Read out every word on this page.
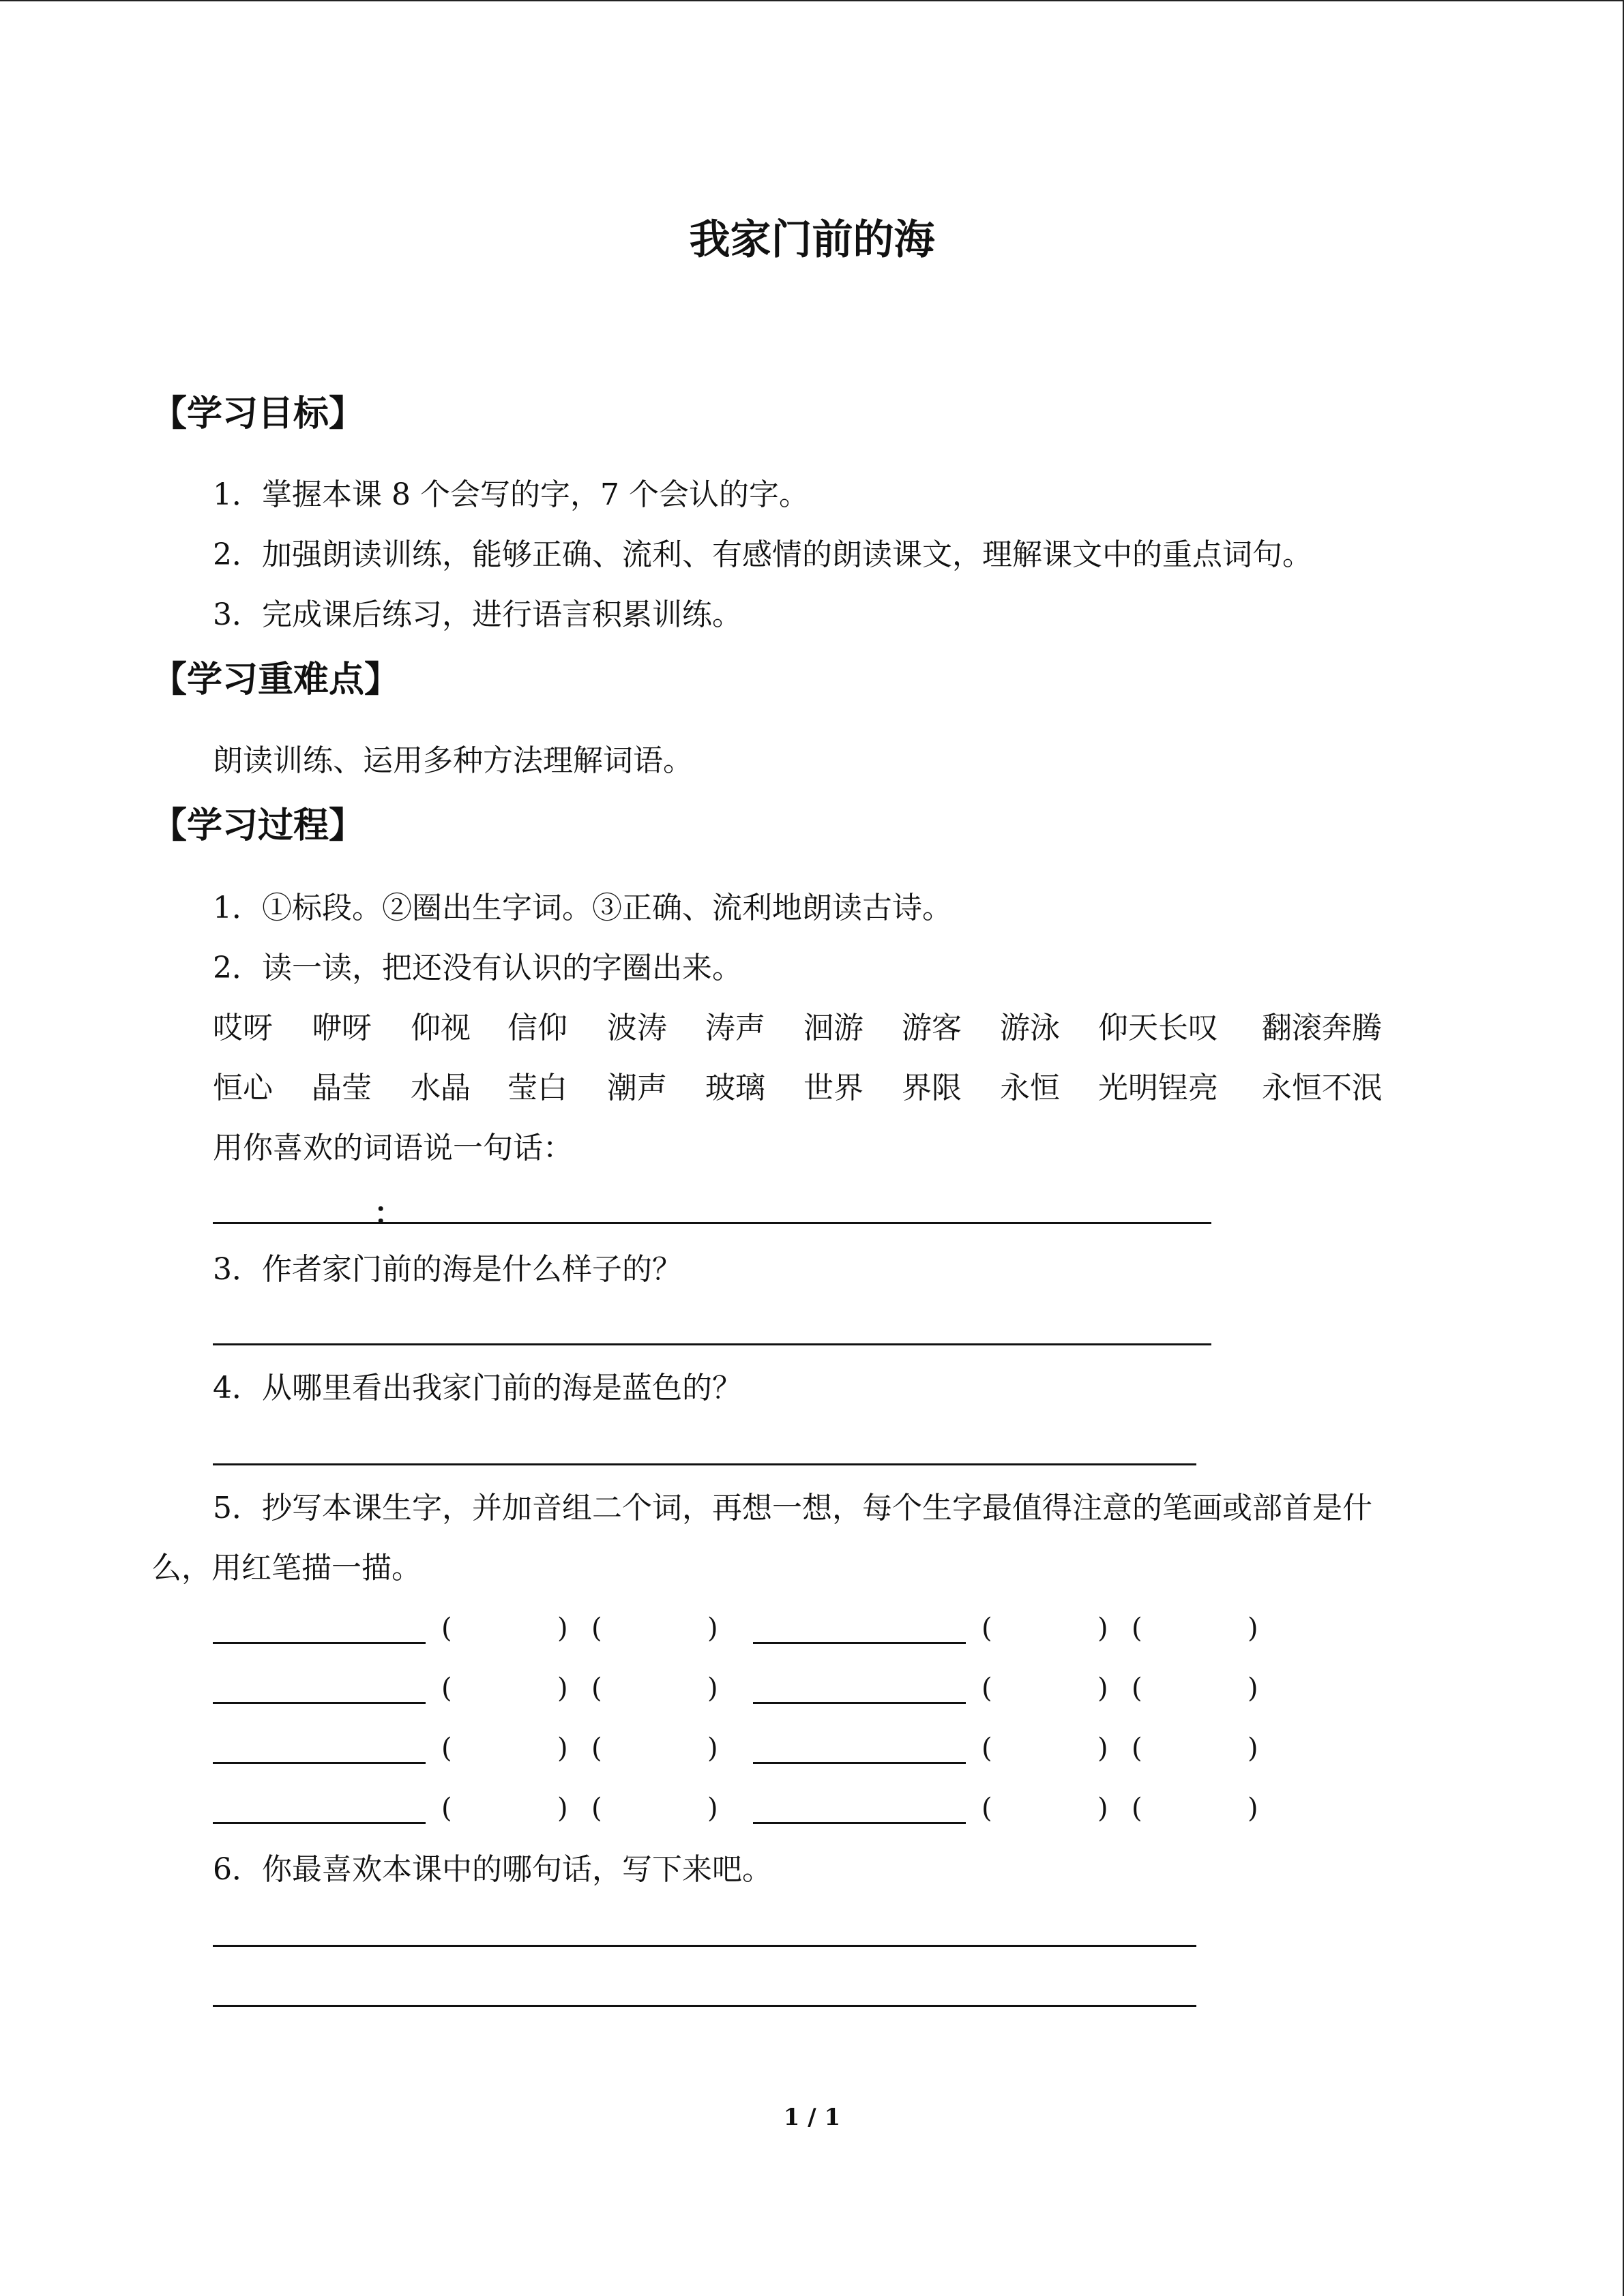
我家门前的海
【学习目标】
1．掌握本课 8 个会写的字，7 个会认的字。
2．加强朗读训练，能够正确、流利、有感情的朗读课文，理解课文中的重点词句。
3．完成课后练习，进行语言积累训练。
【学习重难点】
朗读训练、运用多种方法理解词语。
【学习过程】
1．①标段。②圈出生字词。③正确、流利地朗读古诗。
2．读一读，把还没有认识的字圈出来。
哎呀 咿呀 仰视 信仰 波涛 涛声 洄游 游客 游泳 仰天长叹 翻滚奔腾
恒心 晶莹 水晶 莹白 潮声 玻璃 世界 界限 永恒 光明锃亮 永恒不泯
用你喜欢的词语说一句话：
：
3．作者家门前的海是什么样子的？
4．从哪里看出我家门前的海是蓝色的？
5．抄写本课生字，并加音组二个词，再想一想，每个生字最值得注意的笔画或部首是什
么，用红笔描一描。
(	) (	)	(	) (	)
(	) (	)	(	) (	)
(	) (	)	(	) (	)
(	) (	)	(	) (	)
6．你最喜欢本课中的哪句话，写下来吧。
1 / 1
